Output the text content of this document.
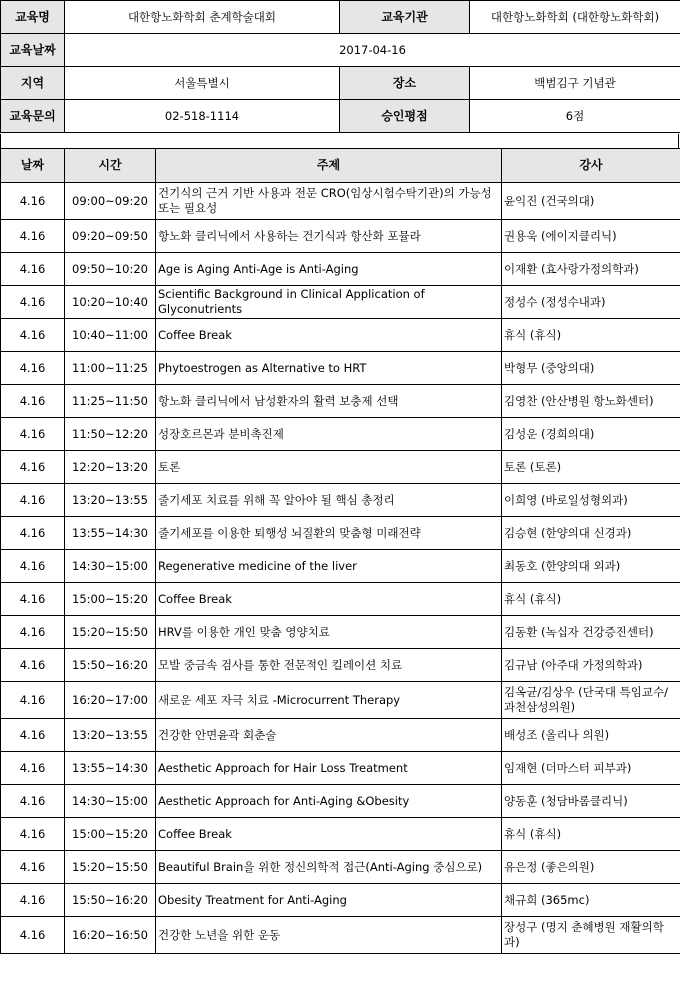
교육명	대한항노화학회 춘계학술대회	교육기관	대한항노화학회 (대한항노화학회)
교육날짜	2017-04-16		
지역	서울특별시	장소	백범김구 기념관
교육문의	02-518-1114	승인평점	6점
날짜	시간	주제	강사
4.16	09:00~09:20	건기식의 근거 기반 사용과 전문 CRO(임상시험수탁기관)의 가능성 또는 필요성	윤익진 (건국의대)
4.16	09:20~09:50	항노화 클리닉에서 사용하는 건기식과 항산화 포뮬라	권용욱 (에이지클리닉)
4.16	09:50~10:20	Age is Aging Anti-Age is Anti-Aging	이재환 (효사랑가정의학과)
4.16	10:20~10:40	Scientific Background in Clinical Application of Glyconutrients	정성수 (정성수내과)
4.16	10:40~11:00	Coffee Break	휴식 (휴식)
4.16	11:00~11:25	Phytoestrogen as Alternative to HRT	박형무 (중앙의대)
4.16	11:25~11:50	항노화 클리닉에서 남성환자의 활력 보충제 선택	김영찬 (안산병원 항노화센터)
4.16	11:50~12:20	성장호르몬과 분비촉진제	김성운 (경희의대)
4.16	12:20~13:20	토론	토론 (토론)
4.16	13:20~13:55	줄기세포 치료를 위해 꼭 알아야 될 핵심 총정리	이희영 (바로일성형외과)
4.16	13:55~14:30	줄기세포를 이용한 퇴행성 뇌질환의 맞춤형 미래전략	김승현 (한양의대 신경과)
4.16	14:30~15:00	Regenerative medicine of the liver	최동호 (한양의대 외과)
4.16	15:00~15:20	Coffee Break	휴식 (휴식)
4.16	15:20~15:50	HRV를 이용한 개인 맞춤 영양치료	김동환 (녹십자 건강증진센터)
4.16	15:50~16:20	모발 중금속 검사를 통한 전문적인 킬레이션 치료	김규남 (아주대 가정의학과)
4.16	16:20~17:00	새로운 세포 자극 치료 -Microcurrent Therapy	김옥균/김상우 (단국대 특임교수/과천삼성의원)
4.16	13:20~13:55	건강한 안면윤곽 회춘술	배성조 (올리나 의원)
4.16	13:55~14:30	Aesthetic Approach for Hair Loss Treatment	임재현 (더마스터 피부과)
4.16	14:30~15:00	Aesthetic Approach for Anti-Aging &Obesity	양동훈 (청담바롬클리닉)
4.16	15:00~15:20	Coffee Break	휴식 (휴식)
4.16	15:20~15:50	Beautiful Brain을 위한 정신의학적 접근(Anti-Aging 중심으로)	유은정 (좋은의원)
4.16	15:50~16:20	Obesity Treatment for Anti-Aging	채규희 (365mc)
4.16	16:20~16:50	건강한 노년을 위한 운동	장성구 (명지 춘혜병원 재활의학과)
